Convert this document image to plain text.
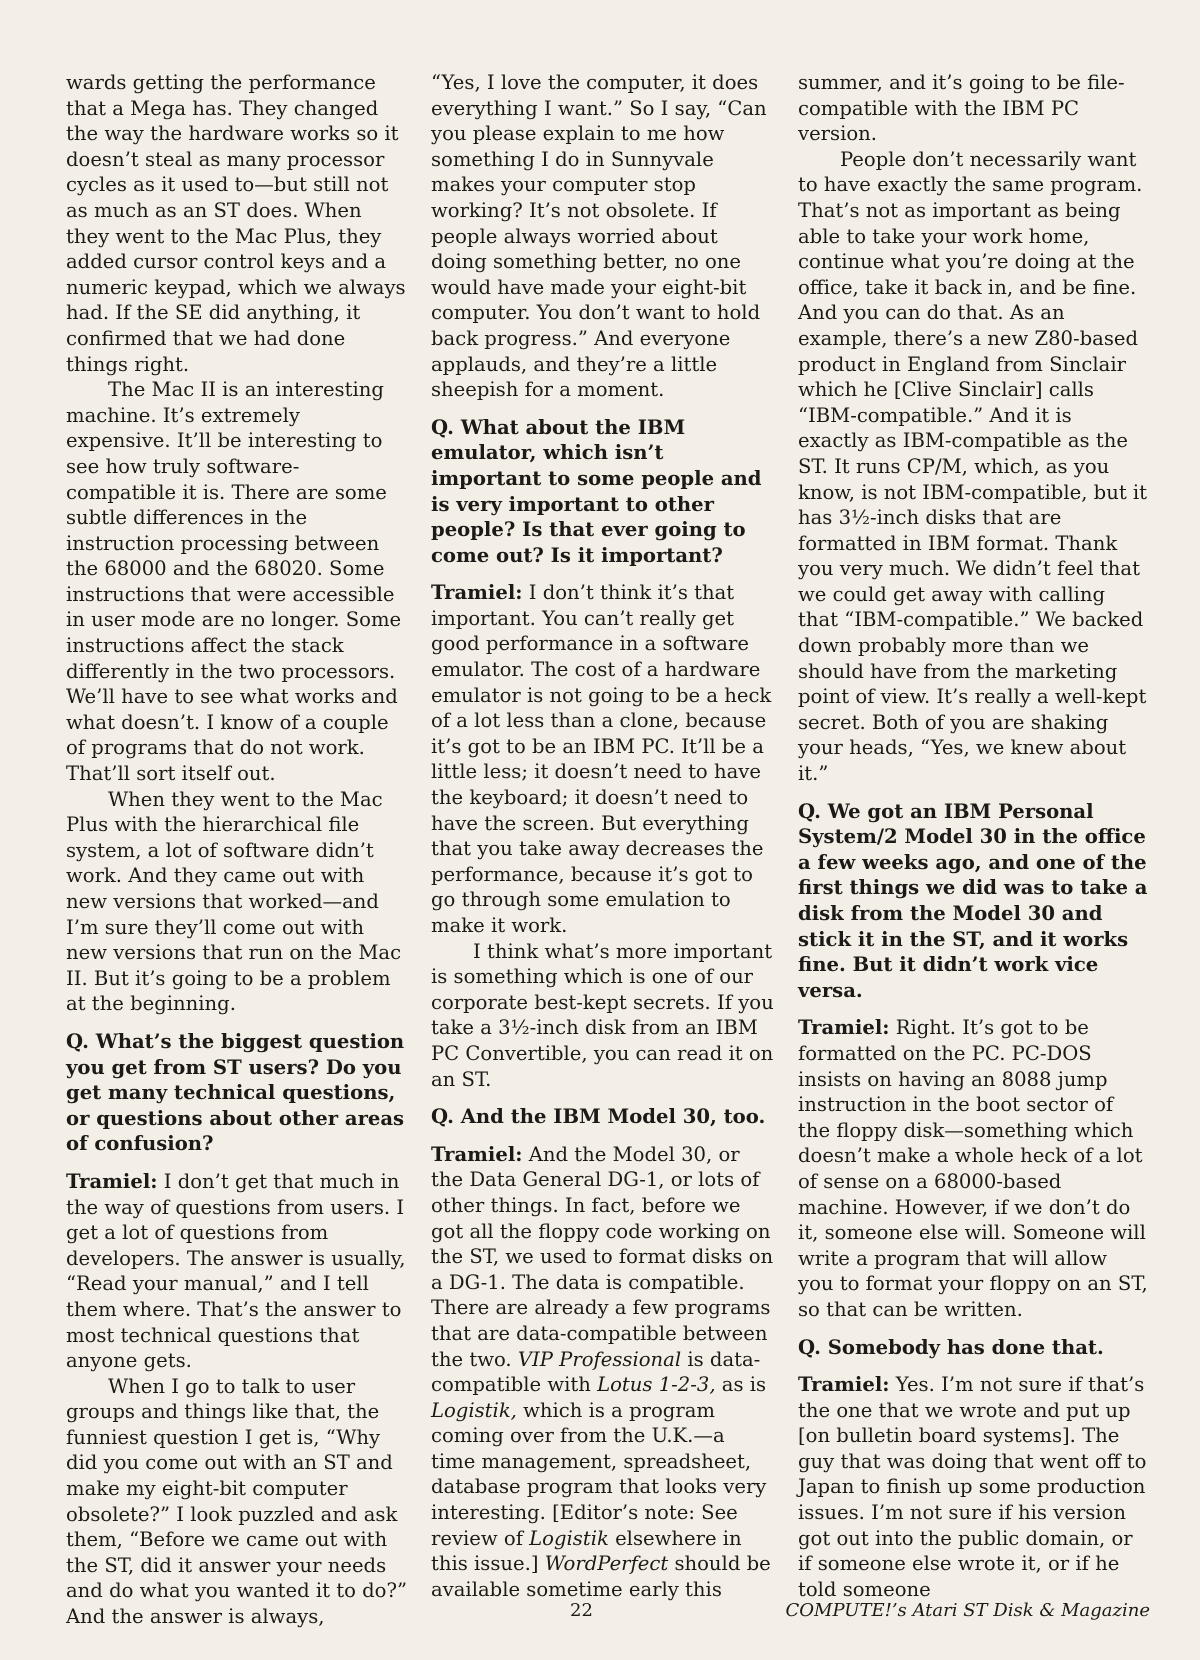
wards getting the performance that a Mega has. They changed the way the hardware works so it doesn’t steal as many processor cycles as it used to—but still not as much as an ST does. When they went to the Mac Plus, they added cursor control keys and a numeric keypad, which we always had. If the SE did anything, it confirmed that we had done things right.

The Mac II is an interesting machine. It’s extremely expensive. It’ll be interesting to see how truly software-compatible it is. There are some subtle differences in the instruction processing between the 68000 and the 68020. Some instructions that were accessible in user mode are no longer. Some instructions affect the stack differently in the two processors. We’ll have to see what works and what doesn’t. I know of a couple of programs that do not work. That’ll sort itself out.

When they went to the Mac Plus with the hierarchical file system, a lot of software didn’t work. And they came out with new versions that worked—and I’m sure they’ll come out with new versions that run on the Mac II. But it’s going to be a problem at the beginning.

Q. What’s the biggest question you get from ST users? Do you get many technical questions, or questions about other areas of confusion?

Tramiel: I don’t get that much in the way of questions from users. I get a lot of questions from developers. The answer is usually, “Read your manual,” and I tell them where. That’s the answer to most technical questions that anyone gets.

When I go to talk to user groups and things like that, the funniest question I get is, “Why did you come out with an ST and make my eight-bit computer obsolete?” I look puzzled and ask them, “Before we came out with the ST, did it answer your needs and do what you wanted it to do?” And the answer is always,

“Yes, I love the computer, it does everything I want.” So I say, “Can you please explain to me how something I do in Sunnyvale makes your computer stop working? It’s not obsolete. If people always worried about doing something better, no one would have made your eight-bit computer. You don’t want to hold back progress.” And everyone applauds, and they’re a little sheepish for a moment.

Q. What about the IBM emulator, which isn’t important to some people and is very important to other people? Is that ever going to come out? Is it important?

Tramiel: I don’t think it’s that important. You can’t really get good performance in a software emulator. The cost of a hardware emulator is not going to be a heck of a lot less than a clone, because it’s got to be an IBM PC. It’ll be a little less; it doesn’t need to have the keyboard; it doesn’t need to have the screen. But everything that you take away decreases the performance, because it’s got to go through some emulation to make it work.

I think what’s more important is something which is one of our corporate best-kept secrets. If you take a 3½-inch disk from an IBM PC Convertible, you can read it on an ST.

Q. And the IBM Model 30, too.

Tramiel: And the Model 30, or the Data General DG-1, or lots of other things. In fact, before we got all the floppy code working on the ST, we used to format disks on a DG-1. The data is compatible. There are already a few programs that are data-compatible between the two. VIP Professional is data-compatible with Lotus 1-2-3, as is Logistik, which is a program coming over from the U.K.—a time management, spreadsheet, database program that looks very interesting. [Editor’s note: See review of Logistik elsewhere in this issue.] WordPerfect should be available sometime early this

summer, and it’s going to be file-compatible with the IBM PC version.

People don’t necessarily want to have exactly the same program. That’s not as important as being able to take your work home, continue what you’re doing at the office, take it back in, and be fine. And you can do that. As an example, there’s a new Z80-based product in England from Sinclair which he [Clive Sinclair] calls “IBM-compatible.” And it is exactly as IBM-compatible as the ST. It runs CP/M, which, as you know, is not IBM-compatible, but it has 3½-inch disks that are formatted in IBM format. Thank you very much. We didn’t feel that we could get away with calling that “IBM-compatible.” We backed down probably more than we should have from the marketing point of view. It’s really a well-kept secret. Both of you are shaking your heads, “Yes, we knew about it.”

Q. We got an IBM Personal System/2 Model 30 in the office a few weeks ago, and one of the first things we did was to take a disk from the Model 30 and stick it in the ST, and it works fine. But it didn’t work vice versa.

Tramiel: Right. It’s got to be formatted on the PC. PC-DOS insists on having an 8088 jump instruction in the boot sector of the floppy disk—something which doesn’t make a whole heck of a lot of sense on a 68000-based machine. However, if we don’t do it, someone else will. Someone will write a program that will allow you to format your floppy on an ST, so that can be written.

Q. Somebody has done that.

Tramiel: Yes. I’m not sure if that’s the one that we wrote and put up [on bulletin board systems]. The guy that was doing that went off to Japan to finish up some production issues. I’m not sure if his version got out into the public domain, or if someone else wrote it, or if he told someone

22	COMPUTE!’s Atari ST Disk & Magazine
